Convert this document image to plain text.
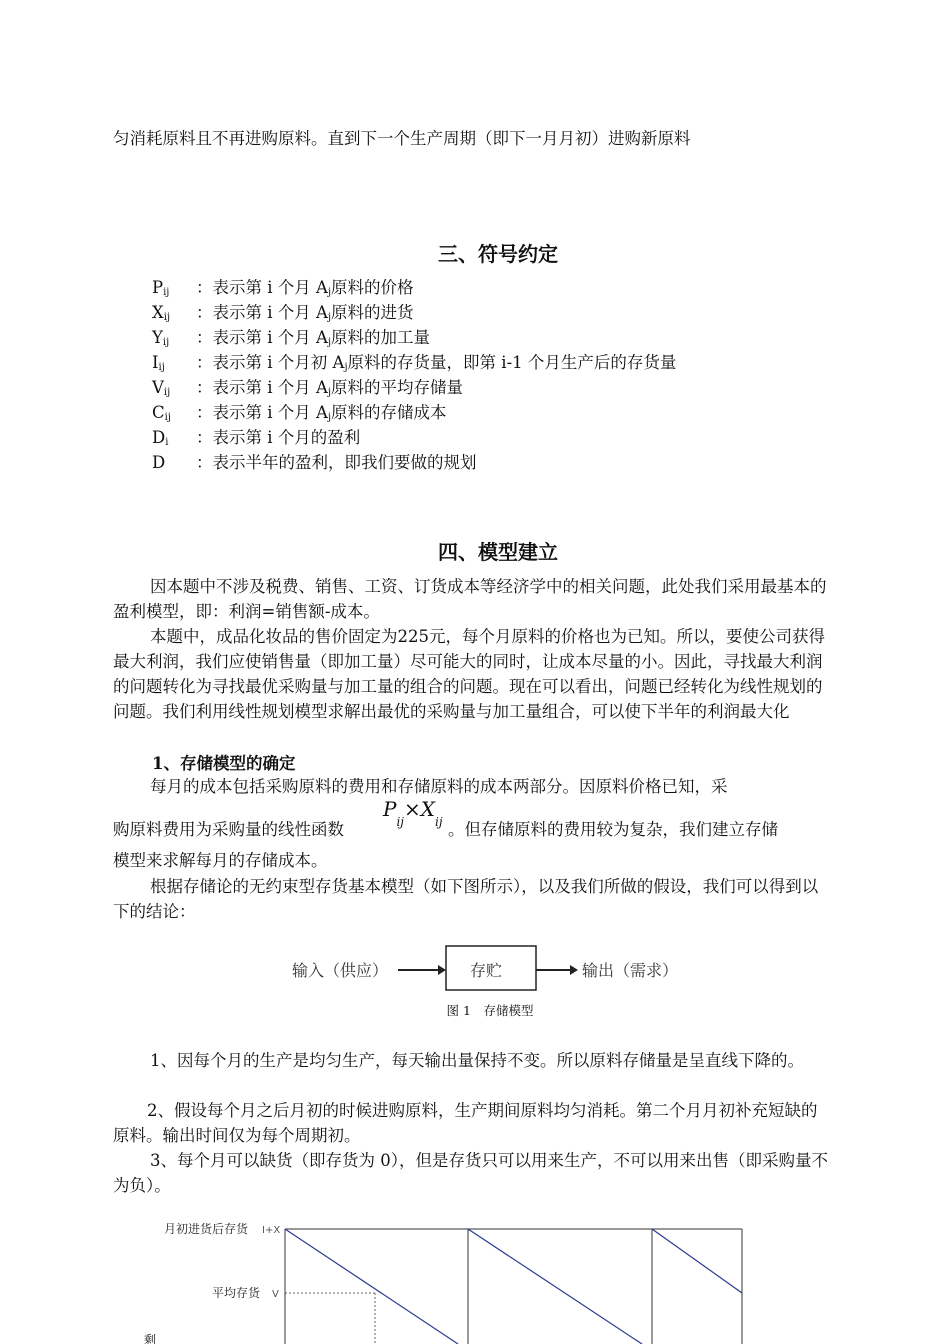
匀消耗原料且不再进购原料。直到下一个生产周期（即下一月月初）进购新原料
三、符号约定
$P_{ij}$ ：表示第 i 个月 $A_j$原料的价格
$X_{ij}$ ：表示第 i 个月 $A_j$原料的进货
$Y_{ij}$ ：表示第 i 个月 $A_j$原料的加工量
$I_{ij}$ ：表示第 i 个月初 $A_j$原料的存货量，即第 i-1 个月生产后的存货量
$V_{ij}$ ：表示第 i 个月 $A_j$原料的平均存储量
$C_{ij}$ ：表示第 i 个月 $A_j$原料的存储成本
$D_i$ ：表示第 i 个月的盈利
D ：表示半年的盈利，即我们要做的规划
四、模型建立
因本题中不涉及税费、销售、工资、订货成本等经济学中的相关问题，此处我们采用最基本的盈利模型，即：利润=销售额-成本。
本题中，成品化妆品的售价固定为225元，每个月原料的价格也为已知。所以，要使公司获得最大利润，我们应使销售量（即加工量）尽可能大的同时，让成本尽量的小。因此，寻找最大利润的问题转化为寻找最优采购量与加工量的组合的问题。现在可以看出，问题已经转化为线性规划的问题。我们利用线性规划模型求解出最优的采购量与加工量组合，可以使下半年的利润最大化
1、存储模型的确定
每月的成本包括采购原料的费用和存储原料的成本两部分。因原料价格已知，采
购原料费用为采购量的线性函数
$P_{ij}\times X_{ij}$ 。但存储原料的费用较为复杂，我们建立存储
模型来求解每月的存储成本。
根据存储论的无约束型存货基本模型（如下图所示），以及我们所做的假设，我们可以得到以下的结论：
输入（供应）	存贮	输出（需求）
图 1　存储模型
1、因每个月的生产是均匀生产，每天输出量保持不变。所以原料存储量是呈直线下降的。
2、假设每个月之后月初的时候进购原料，生产期间原料均匀消耗。第二个月月初补充短缺的原料。输出时间仅为每个周期初。
3、每个月可以缺货（即存货为 0），但是存货只可以用来生产，不可以用来出售（即采购量不为负）。
月初进货后存货 I+X
平均存货 V
剩
